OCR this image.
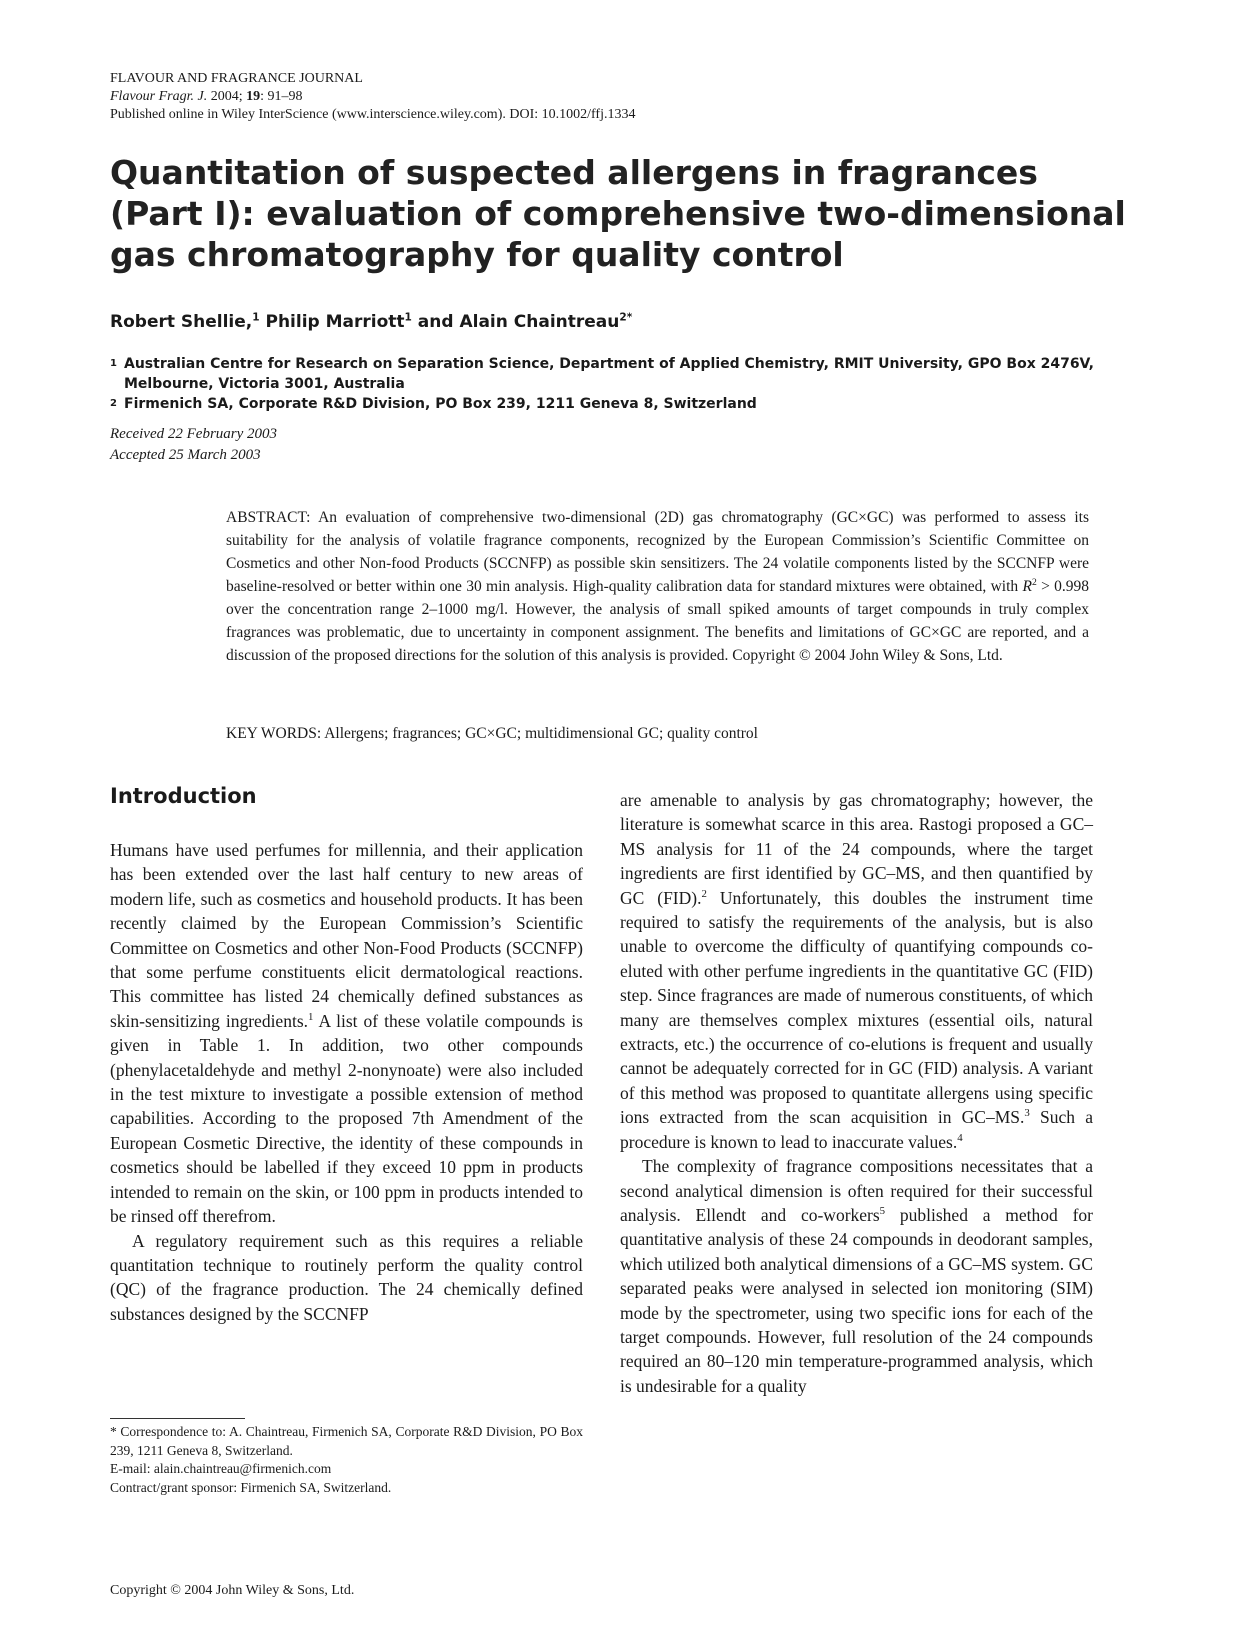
FLAVOUR AND FRAGRANCE JOURNAL
Flavour Fragr. J. 2004; 19: 91–98
Published online in Wiley InterScience (www.interscience.wiley.com). DOI: 10.1002/ffj.1334
Quantitation of suspected allergens in fragrances (Part I): evaluation of comprehensive two-dimensional gas chromatography for quality control
Robert Shellie,$^1$ Philip Marriott$^1$ and Alain Chaintreau$^{2*}$
1 Australian Centre for Research on Separation Science, Department of Applied Chemistry, RMIT University, GPO Box 2476V,
Melbourne, Victoria 3001, Australia
2 Firmenich SA, Corporate R&D Division, PO Box 239, 1211 Geneva 8, Switzerland
Received 22 February 2003
Accepted 25 March 2003
ABSTRACT: An evaluation of comprehensive two-dimensional (2D) gas chromatography (GC×GC) was performed to assess its suitability for the analysis of volatile fragrance components, recognized by the European Commission’s Scientific Committee on Cosmetics and other Non-food Products (SCCNFP) as possible skin sensitizers. The 24 volatile components listed by the SCCNFP were baseline-resolved or better within one 30 min analysis. High-quality calibration data for standard mixtures were obtained, with $R^2 > 0.998$ over the concentration range 2–1000 mg/l. However, the analysis of small spiked amounts of target compounds in truly complex fragrances was problematic, due to uncertainty in component assignment. The benefits and limitations of GC×GC are reported, and a discussion of the proposed directions for the solution of this analysis is provided. Copyright © 2004 John Wiley & Sons, Ltd.
KEY WORDS: Allergens; fragrances; GC×GC; multidimensional GC; quality control
Introduction

Humans have used perfumes for millennia, and their application has been extended over the last half century to new areas of modern life, such as cosmetics and household products. It has been recently claimed by the European Commission’s Scientific Committee on Cosmetics and other Non-Food Products (SCCNFP) that some perfume constituents elicit dermatological reactions. This committee has listed 24 chemically defined substances as skin-sensitizing ingredients.$^1$ A list of these volatile compounds is given in Table 1. In addition, two other compounds (phenylacetaldehyde and methyl 2-nonynoate) were also included in the test mixture to investigate a possible extension of method capabilities. According to the proposed 7th Amendment of the European Cosmetic Directive, the identity of these compounds in cosmetics should be labelled if they exceed 10 ppm in products intended to remain on the skin, or 100 ppm in products intended to be rinsed off therefrom.

A regulatory requirement such as this requires a reliable quantitation technique to routinely perform the quality control (QC) of the fragrance production. The 24 chemically defined substances designed by the SCCNFP

are amenable to analysis by gas chromatography; however, the literature is somewhat scarce in this area. Rastogi proposed a GC–MS analysis for 11 of the 24 compounds, where the target ingredients are first identified by GC–MS, and then quantified by GC (FID).$^2$ Unfortunately, this doubles the instrument time required to satisfy the requirements of the analysis, but is also unable to overcome the difficulty of quantifying compounds co-eluted with other perfume ingredients in the quantitative GC (FID) step. Since fragrances are made of numerous constituents, of which many are themselves complex mixtures (essential oils, natural extracts, etc.) the occurrence of co-elutions is frequent and usually cannot be adequately corrected for in GC (FID) analysis. A variant of this method was proposed to quantitate allergens using specific ions extracted from the scan acquisition in GC–MS.$^3$ Such a procedure is known to lead to inaccurate values.$^4$

The complexity of fragrance compositions necessitates that a second analytical dimension is often required for their successful analysis. Ellendt and co-workers$^5$ published a method for quantitative analysis of these 24 compounds in deodorant samples, which utilized both analytical dimensions of a GC–MS system. GC separated peaks were analysed in selected ion monitoring (SIM) mode by the spectrometer, using two specific ions for each of the target compounds. However, full resolution of the 24 compounds required an 80–120 min temperature-programmed analysis, which is undesirable for a quality

* Correspondence to: A. Chaintreau, Firmenich SA, Corporate R&D Division, PO Box 239, 1211 Geneva 8, Switzerland.
E-mail: alain.chaintreau@firmenich.com
Contract/grant sponsor: Firmenich SA, Switzerland.
Copyright © 2004 John Wiley & Sons, Ltd.
